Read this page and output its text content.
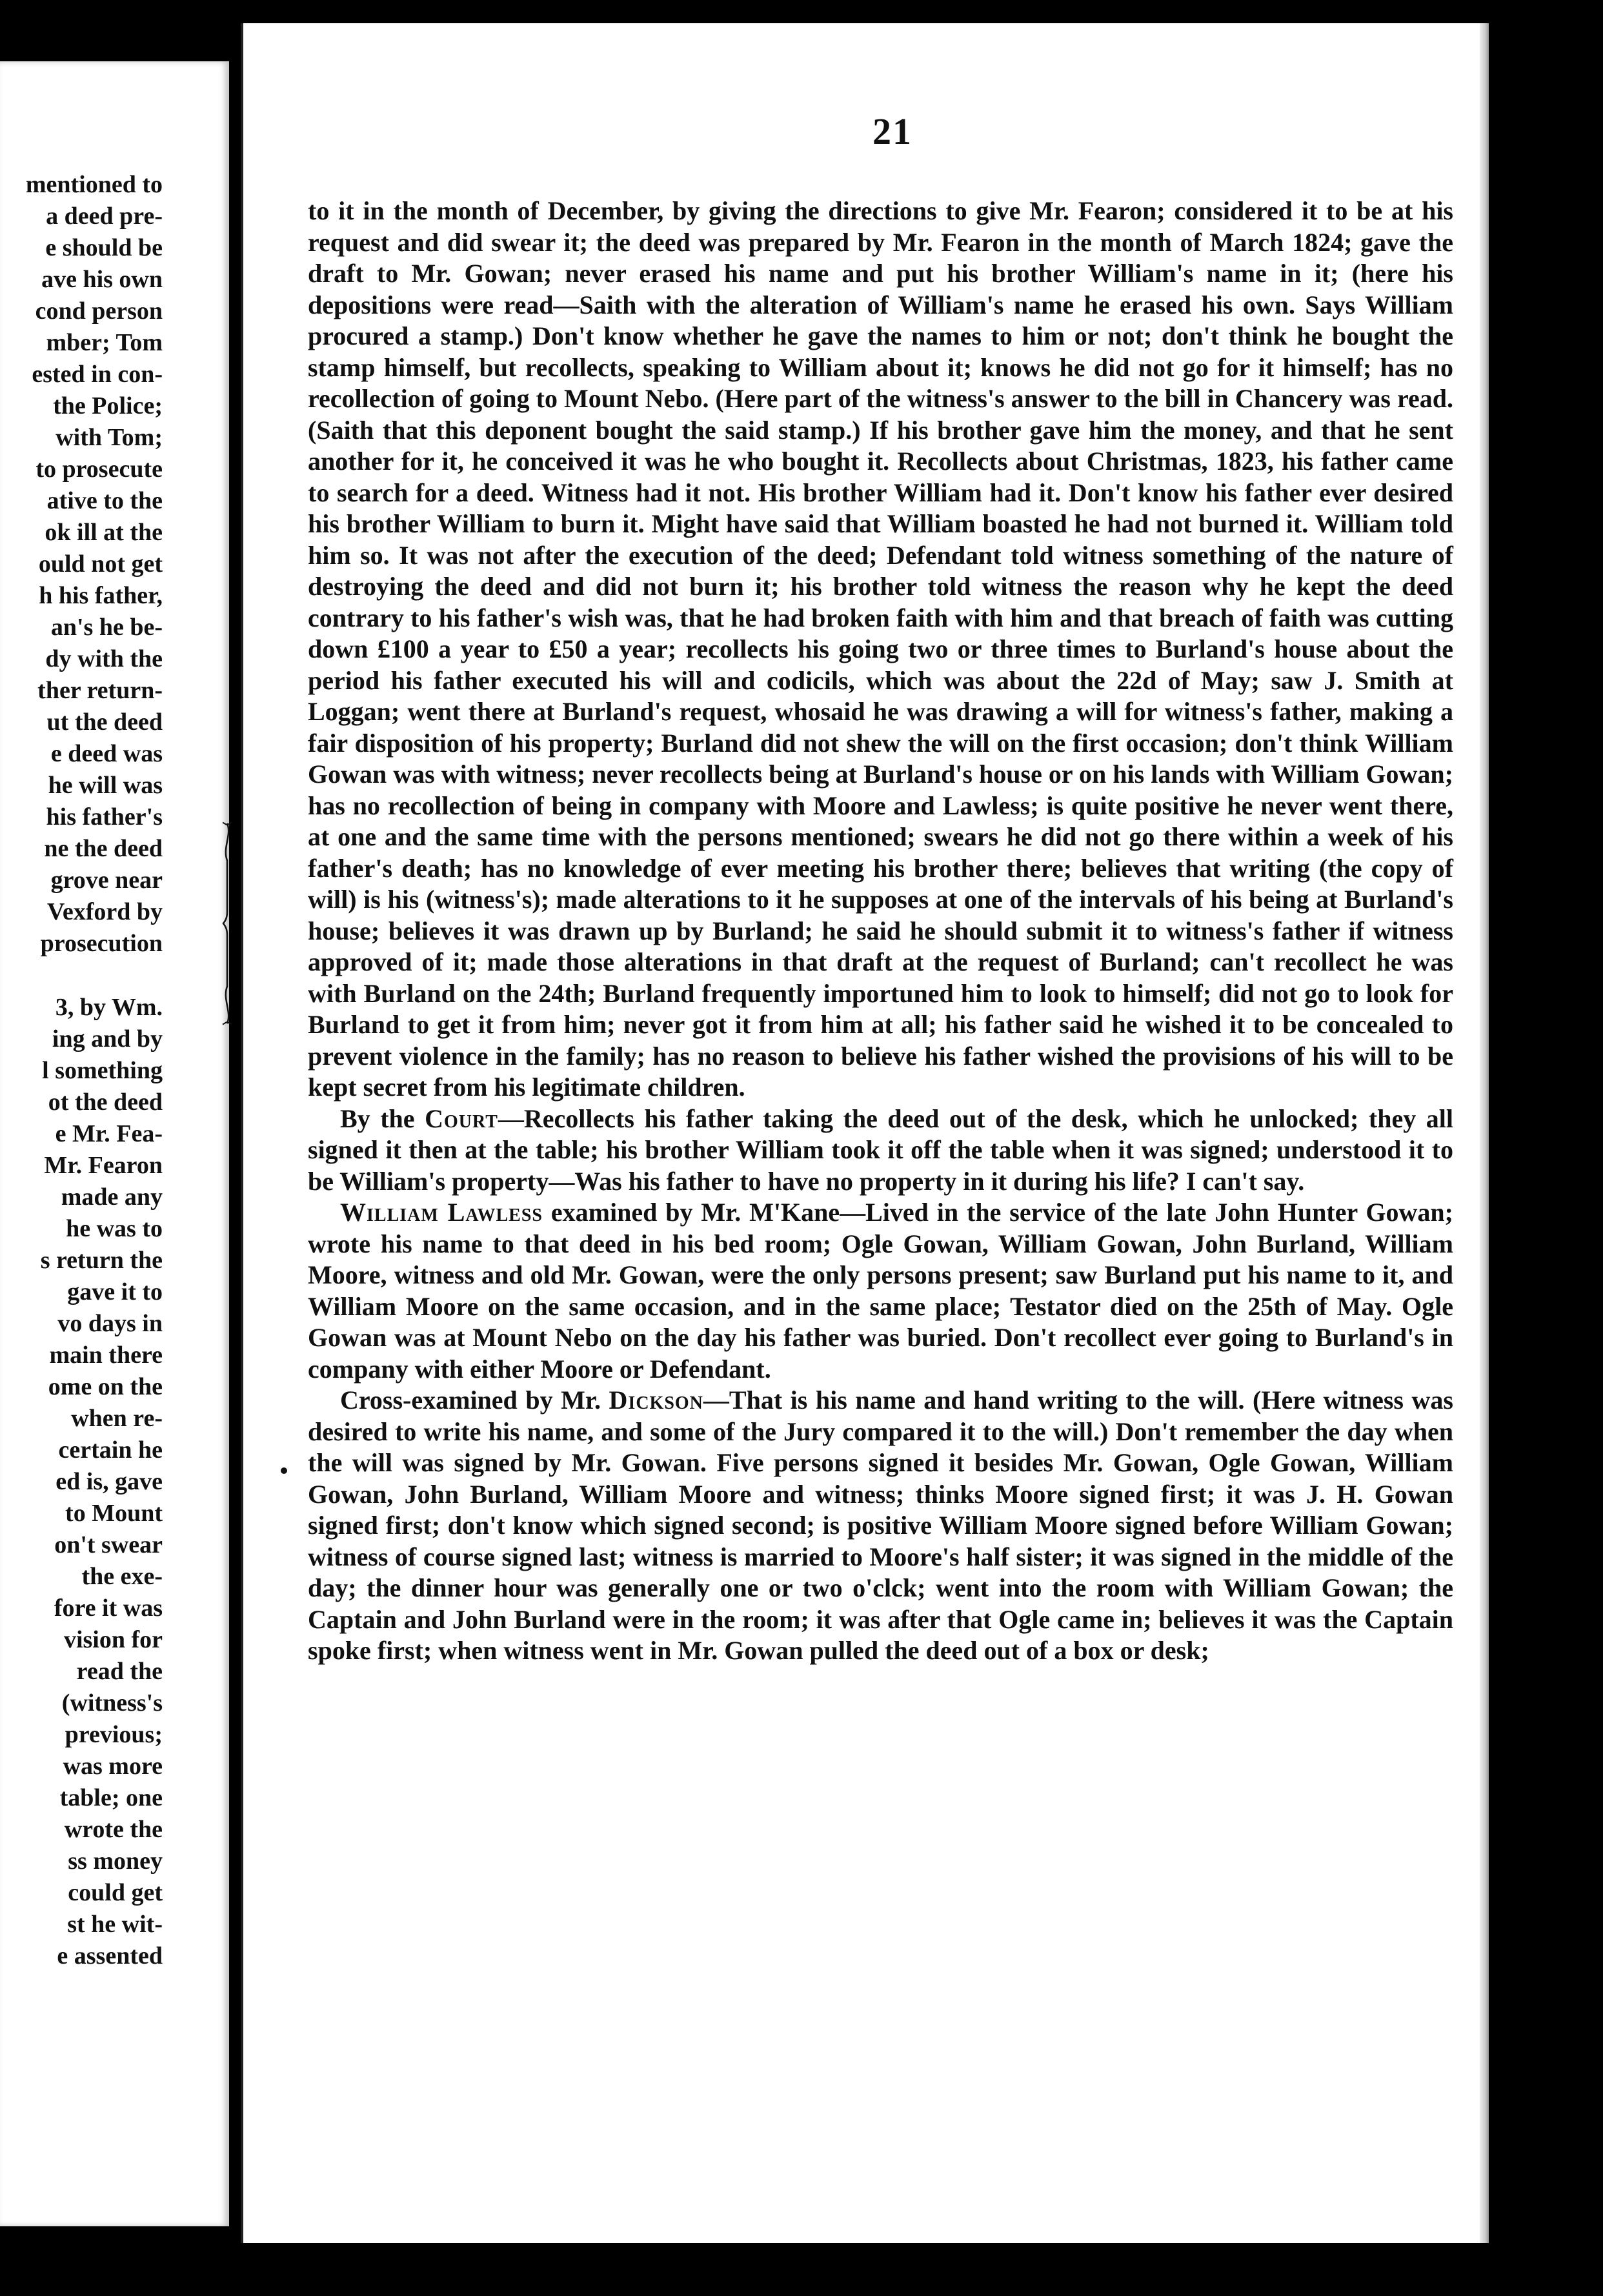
mentioned to
a deed pre-
e should be
ave his own
cond person
mber; Tom
ested in con-
the Police;
with Tom;
to prosecute
ative to the
ok ill at the
ould not get
h his father,
an's he be-
dy with the
ther return-
ut the deed
e deed was
he will was
his father's
ne the deed
grove near
Vexford by
prosecution
3, by Wm.
ing and by
l something
ot the deed
e Mr. Fea-
Mr. Fearon
made any
he was to
s return the
gave it to
vo days in
main there
ome on the
when re-
certain he
ed is, gave
to Mount
on't swear
the exe-
fore it was
vision for
read the
(witness's
previous;
was more
table; one
wrote the
ss money
could get
st he wit-
e assented
21

to it in the month of December, by giving the directions to give Mr. Fearon; considered it to be at his request and did swear it; the deed was prepared by Mr. Fearon in the month of March 1824; gave the draft to Mr. Gowan; never erased his name and put his brother William's name in it; (here his depositions were read—Saith with the alteration of William's name he erased his own. Says William procured a stamp.) Don't know whether he gave the names to him or not; don't think he bought the stamp himself, but recollects, speaking to William about it; knows he did not go for it himself; has no recollection of going to Mount Nebo. (Here part of the witness's answer to the bill in Chancery was read. (Saith that this deponent bought the said stamp.) If his brother gave him the money, and that he sent another for it, he conceived it was he who bought it. Recollects about Christmas, 1823, his father came to search for a deed. Witness had it not. His brother William had it. Don't know his father ever desired his brother William to burn it. Might have said that William boasted he had not burned it. William told him so. It was not after the execution of the deed; Defendant told witness something of the nature of destroying the deed and did not burn it; his brother told witness the reason why he kept the deed contrary to his father's wish was, that he had broken faith with him and that breach of faith was cutting down £100 a year to £50 a year; recollects his going two or three times to Burland's house about the period his father executed his will and codicils, which was about the 22d of May; saw J. Smith at Loggan; went there at Burland's request, whosaid he was drawing a will for witness's father, making a fair disposition of his property; Burland did not shew the will on the first occasion; don't think William Gowan was with witness; never recollects being at Burland's house or on his lands with William Gowan; has no recollection of being in company with Moore and Lawless; is quite positive he never went there, at one and the same time with the persons mentioned; swears he did not go there within a week of his father's death; has no knowledge of ever meeting his brother there; believes that writing (the copy of will) is his (witness's); made alterations to it he supposes at one of the intervals of his being at Burland's house; believes it was drawn up by Burland; he said he should submit it to witness's father if witness approved of it; made those alterations in that draft at the request of Burland; can't recollect he was with Burland on the 24th; Burland frequently importuned him to look to himself; did not go to look for Burland to get it from him; never got it from him at all; his father said he wished it to be concealed to prevent violence in the family; has no reason to believe his father wished the provisions of his will to be kept secret from his legitimate children.

By the Court—Recollects his father taking the deed out of the desk, which he unlocked; they all signed it then at the table; his brother William took it off the table when it was signed; understood it to be William's property—Was his father to have no property in it during his life? I can't say.

William Lawless examined by Mr. M'Kane—Lived in the service of the late John Hunter Gowan; wrote his name to that deed in his bed room; Ogle Gowan, William Gowan, John Burland, William Moore, witness and old Mr. Gowan, were the only persons present; saw Burland put his name to it, and William Moore on the same occasion, and in the same place; Testator died on the 25th of May. Ogle Gowan was at Mount Nebo on the day his father was buried. Don't recollect ever going to Burland's in company with either Moore or Defendant.

Cross-examined by Mr. Dickson—That is his name and hand writing to the will. (Here witness was desired to write his name, and some of the Jury compared it to the will.) Don't remember the day when the will was signed by Mr. Gowan. Five persons signed it besides Mr. Gowan, Ogle Gowan, William Gowan, John Burland, William Moore and witness; thinks Moore signed first; it was J. H. Gowan signed first; don't know which signed second; is positive William Moore signed before William Gowan; witness of course signed last; witness is married to Moore's half sister; it was signed in the middle of the day; the dinner hour was generally one or two o'clck; went into the room with William Gowan; the Captain and John Burland were in the room; it was after that Ogle came in; believes it was the Captain spoke first; when witness went in Mr. Gowan pulled the deed out of a box or desk;
